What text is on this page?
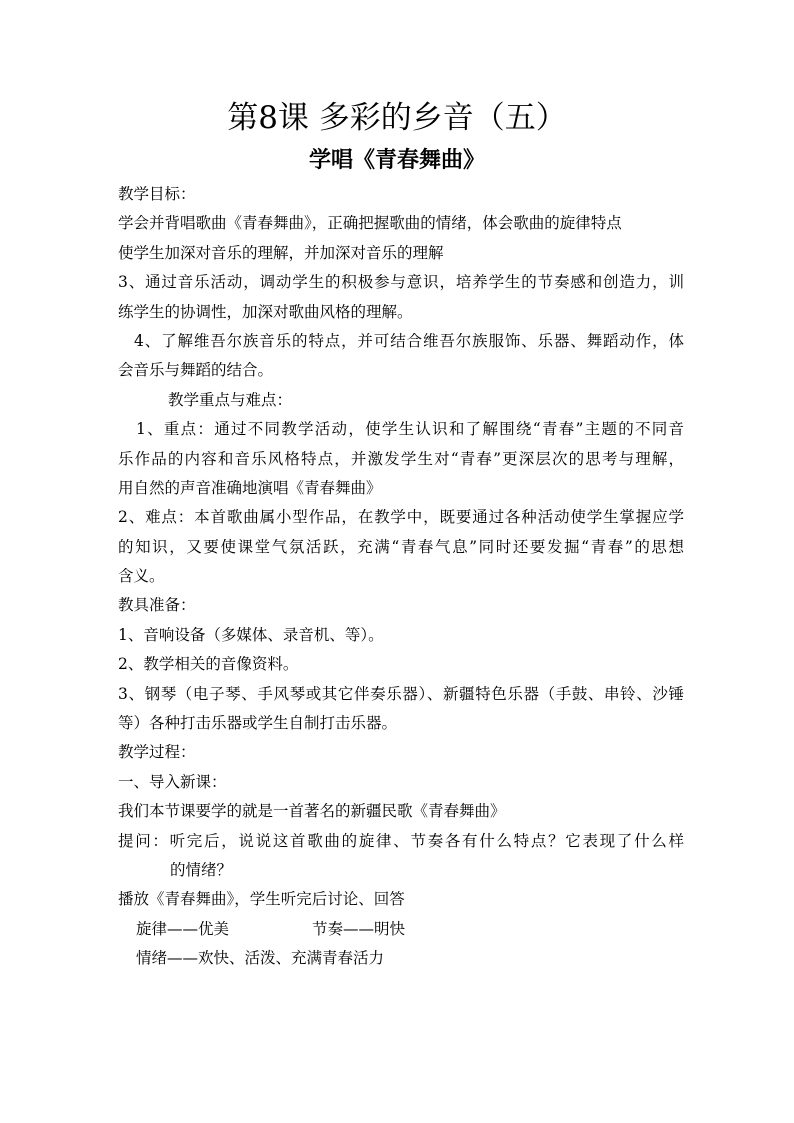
第8课 多彩的乡音（五）
学唱《青春舞曲》
教学目标：
学会并背唱歌曲《青春舞曲》，正确把握歌曲的情绪，体会歌曲的旋律特点
使学生加深对音乐的理解，并加深对音乐的理解
3、通过音乐活动，调动学生的积极参与意识，培养学生的节奏感和创造力，训
练学生的协调性，加深对歌曲风格的理解。
4、了解维吾尔族音乐的特点，并可结合维吾尔族服饰、乐器、舞蹈动作，体
会音乐与舞蹈的结合。
教学重点与难点：
1、重点：通过不同教学活动，使学生认识和了解围绕“青春”主题的不同音
乐作品的内容和音乐风格特点，并激发学生对“青春”更深层次的思考与理解，
用自然的声音准确地演唱《青春舞曲》
2、难点：本首歌曲属小型作品，在教学中，既要通过各种活动使学生掌握应学
的知识，又要使课堂气氛活跃，充满“青春气息”同时还要发掘“青春”的思想
含义。
教具准备：
1、音响设备（多媒体、录音机、等）。
2、教学相关的音像资料。
3、钢琴（电子琴、手风琴或其它伴奏乐器）、新疆特色乐器（手鼓、串铃、沙锤
等）各种打击乐器或学生自制打击乐器。
教学过程：
一、导入新课：
我们本节课要学的就是一首著名的新疆民歌《青春舞曲》
提问：听完后，说说这首歌曲的旋律、节奏各有什么特点？它表现了什么样
的情绪？
播放《青春舞曲》，学生听完后讨论、回答
旋律——优美	节奏——明快
情绪——欢快、活泼、充满青春活力
